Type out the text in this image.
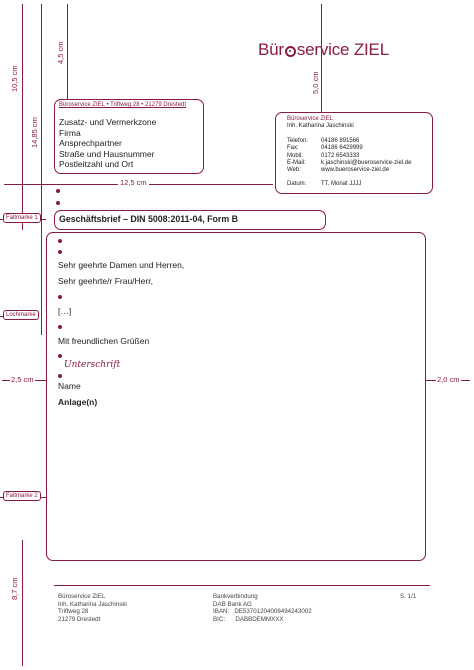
10,5 cm
14,85 cm
4,5 cm
5,0 cm
8,7 cm
Bür service ZIEL
Büroservice ZIEL • Triftweg 28 • 21279 Drestedt
Zusatz- und Vermerkzone
Firma
Ansprechpartner
Straße und Hausnummer
Postleitzahl und Ort
12,5 cm
Büroservice ZIEL
Inh. Katharina Jaschinski
Telefon:	04186 891566
Fax:	04186 6429999
Mobil:	0172 6543333
E-Mail:	k.jaschinski@bueroservice-ziel.de
Web:	www.bueroservice-ziel.de
Datum:	TT. Monat JJJJ
Faltmarke 1	Geschäftsbrief – DIN 5008:2011-04, Form B
Sehr geehrte Damen und Herren,
Sehr geehrte/r Frau/Herr,
[…]
Mit freundlichen Grüßen
Unterschrift
Name
Anlage(n)
Lochmarke
2,5 cm	2,0 cm
Faltmarke 2
Büroservice ZIEL
Inh. Katharina Jaschinski
Triftweg 28
21279 Drestedt
Bankverbindung
DAB Bank AG
IBAN:   DE53701204008494243002
BIC:      DABBDEMMXXX
S. 1/1
